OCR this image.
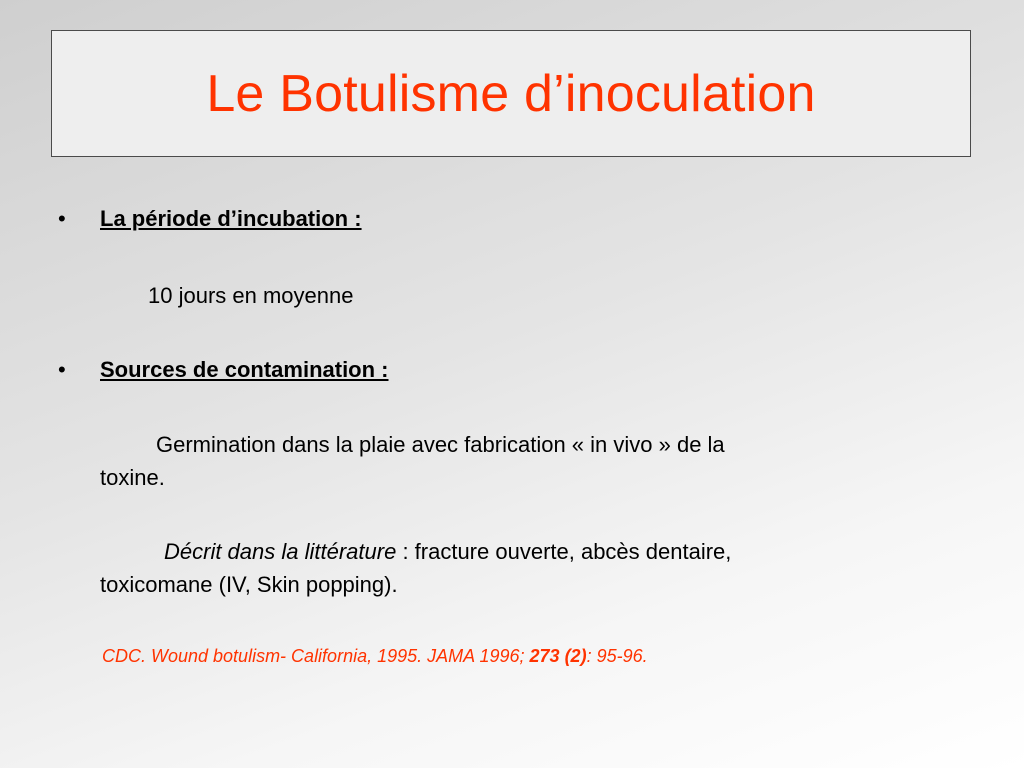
Le Botulisme d’inoculation
•	La période d’incubation :
10 jours en moyenne
•	Sources de contamination :
Germination dans la plaie avec fabrication « in vivo » de la
toxine.
Décrit dans la littérature : fracture ouverte, abcès dentaire,
toxicomane (IV, Skin popping).
CDC. Wound botulism- California, 1995. JAMA 1996; 273 (2): 95-96.
